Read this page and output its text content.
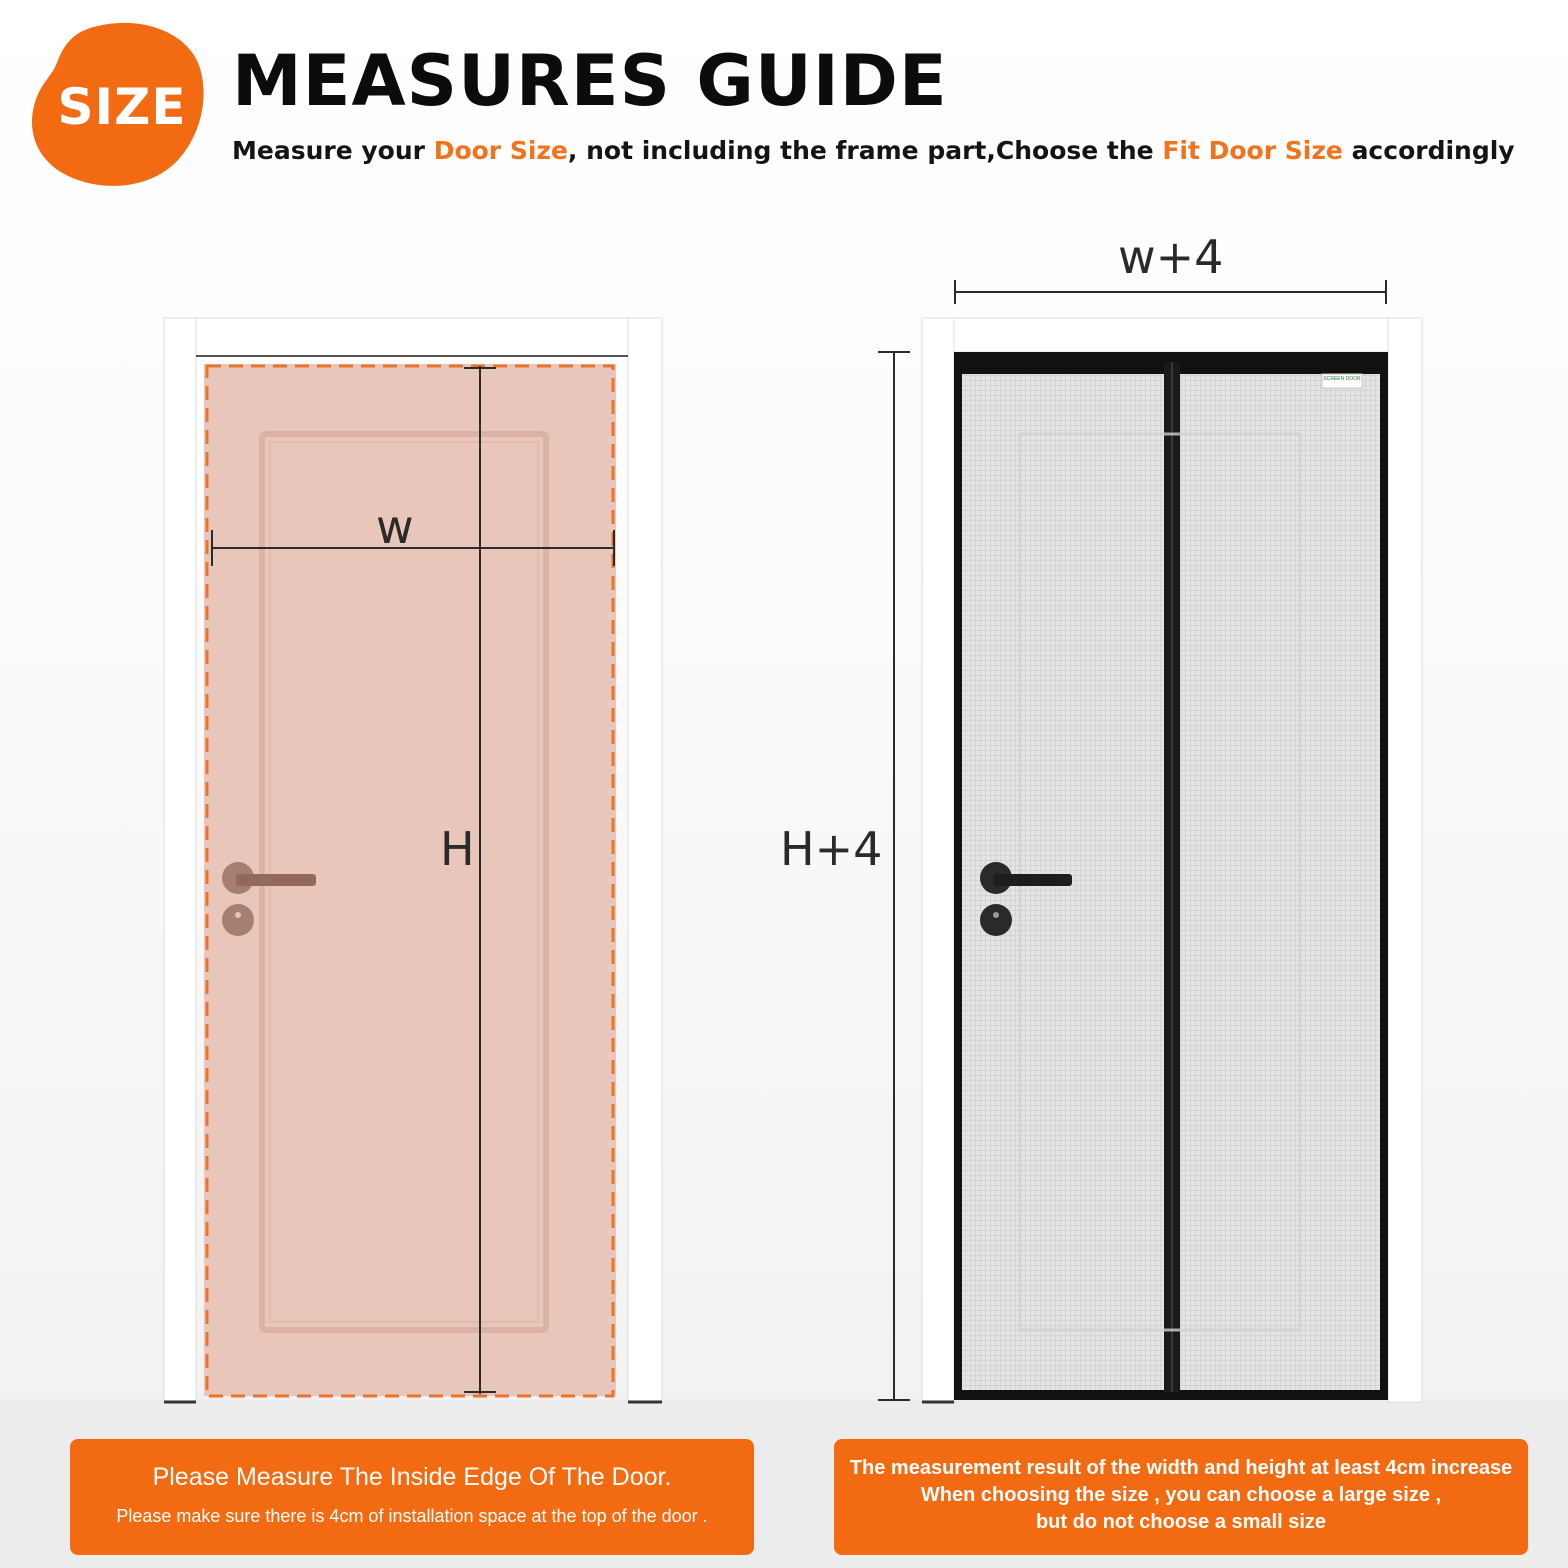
SIZE MEASURES GUIDE
Measure your Door Size, not including the frame part,Choose the Fit Door Size accordingly
w
H
SCREEN DOOR
w+4
H+4
Please Measure The Inside Edge Of The Door.
Please make sure there is 4cm of installation space at the top of the door .
The measurement result of the width and height at least 4cm increase
When choosing the size , you can choose a large size ,
but do not choose a small size
